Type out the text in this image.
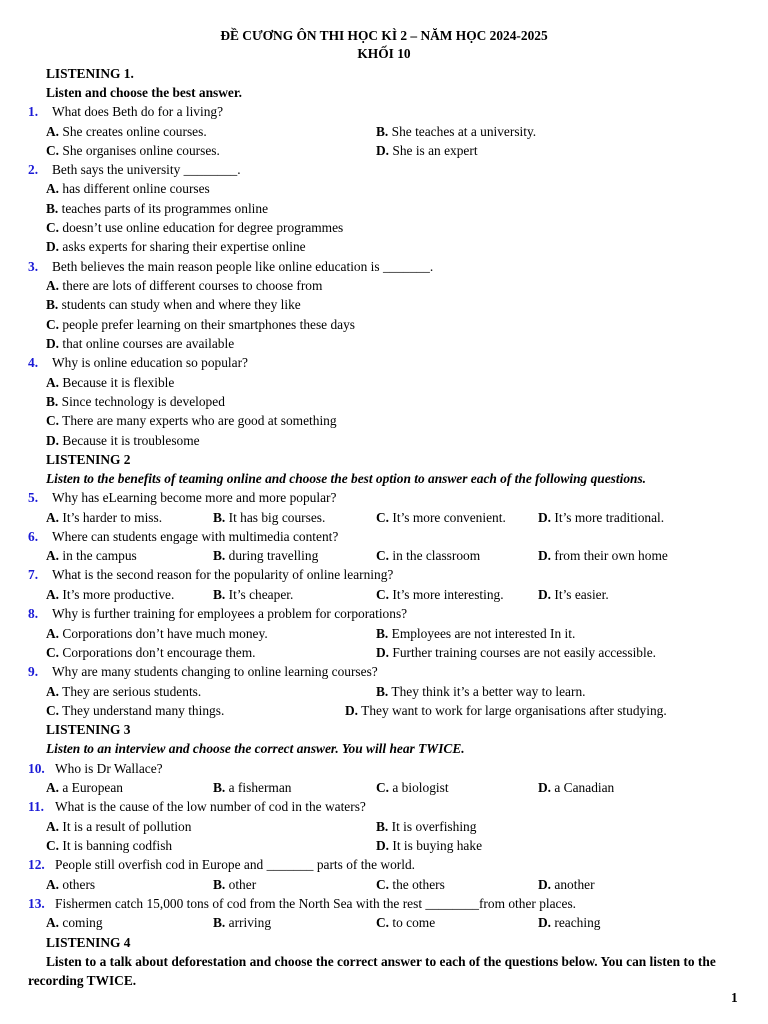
ĐỀ CƯƠNG ÔN THI HỌC KÌ 2 – NĂM HỌC 2024-2025
KHỐI 10
LISTENING 1.
Listen and choose the best answer.
1. What does Beth do for a living?
A. She creates online courses.	B. She teaches at a university.
C. She organises online courses.	D. She is an expert
2. Beth says the university ________.
A. has different online courses
B. teaches parts of its programmes online
C. doesn’t use online education for degree programmes
D. asks experts for sharing their expertise online
3. Beth believes the main reason people like online education is _______.
A. there are lots of different courses to choose from
B. students can study when and where they like
C. people prefer learning on their smartphones these days
D. that online courses are available
4. Why is online education so popular?
A. Because it is flexible
B. Since technology is developed
C. There are many experts who are good at something
D. Because it is troublesome
LISTENING 2
Listen to the benefits of teaming online and choose the best option to answer each of the following questions.
5. Why has eLearning become more and more popular?
A. It’s harder to miss.	B. It has big courses.	C. It’s more convenient. D. It’s more traditional.
6. Where can students engage with multimedia content?
A. in the campus	B. during travelling	C. in the classroom	D. from their own home
7. What is the second reason for the popularity of online learning?
A. It’s more productive.	B. It’s cheaper.	C. It’s more interesting.	D. It’s easier.
8. Why is further training for employees a problem for corporations?
A. Corporations don’t have much money.	B. Employees are not interested In it.
C. Corporations don’t encourage them.	D. Further training courses are not easily accessible.
9. Why are many students changing to online learning courses?
A. They are serious students.	B. They think it’s a better way to learn.
C. They understand many things.	D. They want to work for large organisations after studying.
LISTENING 3
Listen to an interview and choose the correct answer. You will hear TWICE.
10. Who is Dr Wallace?
A. a European	B. a fisherman	C. a biologist	D. a Canadian
11. What is the cause of the low number of cod in the waters?
A. It is a result of pollution	B. It is overfishing
C. It is banning codfish	D. It is buying hake
12. People still overfish cod in Europe and _______ parts of the world.
A. others	B. other	C. the others	D. another
13. Fishermen catch 15,000 tons of cod from the North Sea with the rest ________from other places.
A. coming	B. arriving	C. to come	D. reaching
LISTENING 4
Listen to a talk about deforestation and choose the correct answer to each of the questions below. You can listen to the recording TWICE.
1
